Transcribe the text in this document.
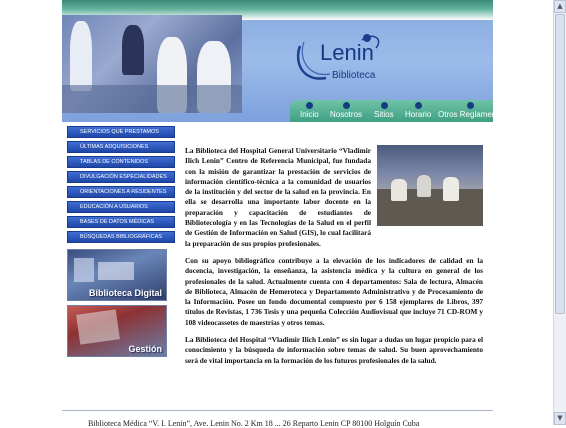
Lenin
Biblioteca
Inicio Nosotros Sitios Horario Otros Reglamento
SERVICIOS QUE PRESTAMOS
ÚLTIMAS ADQUISICIONES
TABLAS DE CONTENIDOS
DIVULGACIÓN ESPECIALIDADES
ORIENTACIONES A RESIDENTES
EDUCACIÓN A USUARIOS
BASES DE DATOS MÉDICAS
BÚSQUEDAS BIBLIOGRÁFICAS
Biblioteca Digital
Gestión

La Biblioteca del Hospital General Universitario “Vladimir Ilich Lenin” Centro de Referencia Municipal, fue fundada con la misión de garantizar la prestación de servicios de información científico-técnica a la comunidad de usuarios de la institución y del sector de la salud en la provincia. En ella se desarrolla una importante labor docente en la preparación y capacitación de estudiantes de Bibliotecología y en las Tecnologías de la Salud en el perfil de Gestión de Información en Salud (GIS), lo cual facilitará la preparación de sus propios profesionales.

Con su apoyo bibliográfico contribuye a la elevación de los indicadores de calidad en la docencia, investigación, la enseñanza, la asistencia médica y la cultura en general de los profesionales de la salud. Actualmente cuenta con 4 departamentos: Sala de lectura, Almacén de Biblioteca, Almacén de Hemeroteca y Departamento Administrativo y de Procesamiento de la Información. Posee un fondo documental compuesto por 6 158 ejemplares de Libros, 397 títulos de Revistas, 1 736 Tesis y una pequeña Colección Audiovisual que incluye 71 CD-ROM y 108 videocassetes de maestrías y otros temas.

La Biblioteca del Hospital “Vladimir Ilich Lenin” es sin lugar a dudas un lugar propicio para el conocimiento y la búsqueda de información sobre temas de salud. Su buen aprovechamiento será de vital importancia en la formación de los futuros profesionales de la salud.

Biblioteca Médica “V. I. Lenin”, Ave. Lenin No. 2 Km 18 ... 26 Reparto Lenin CP 80100 Holguín Cuba
▲
▼
